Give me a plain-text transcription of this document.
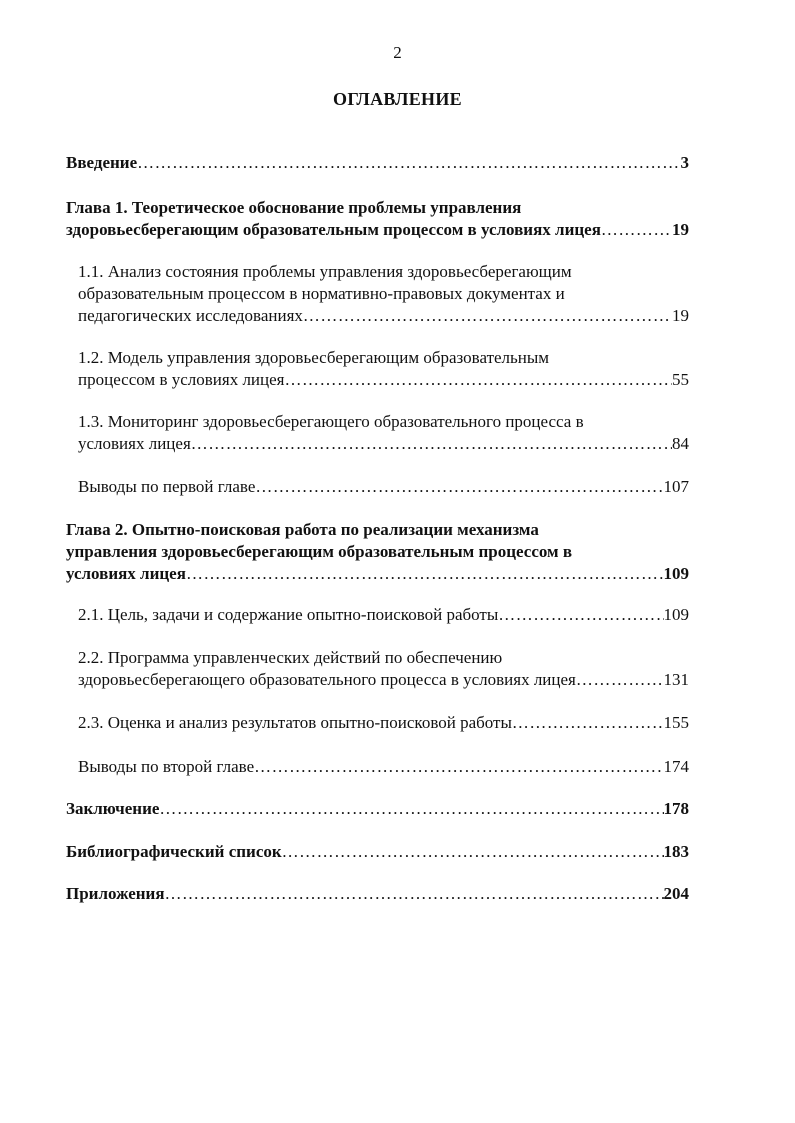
2
ОГЛАВЛЕНИЕ
Введение …………………………………………………………………………………………………………………………………………………………………………	3
Глава 1. Теоретическое обоснование проблемы управления
здоровьесберегающим образовательным процессом в условиях лицея …………………………………………………………………………………………………………………………………………………………………………	19
1.1. Анализ состояния проблемы управления здоровьесберегающим
образовательным процессом в нормативно-правовых документах и
педагогических исследованиях …………………………………………………………………………………………………………………………………………………………………………	19
1.2. Модель управления здоровьесберегающим образовательным
процессом в условиях лицея …………………………………………………………………………………………………………………………………………………………………………	55
1.3. Мониторинг здоровьесберегающего образовательного процесса в
условиях лицея …………………………………………………………………………………………………………………………………………………………………………	84
Выводы по первой главе …………………………………………………………………………………………………………………………………………………………………………	107
Глава 2. Опытно-поисковая работа по реализации механизма
управления здоровьесберегающим образовательным процессом в
условиях лицея …………………………………………………………………………………………………………………………………………………………………………	109
2.1. Цель, задачи и содержание опытно-поисковой работы …………………………………………………………………………………………………………………………………………………………………………	109
2.2. Программа управленческих действий по обеспечению
здоровьесберегающего образовательного процесса в условиях лицея …………………………………………………………………………………………………………………………………………………………………………	131
2.3. Оценка и анализ результатов опытно-поисковой работы …………………………………………………………………………………………………………………………………………………………………………	155
Выводы по второй главе …………………………………………………………………………………………………………………………………………………………………………	174
Заключение …………………………………………………………………………………………………………………………………………………………………………	178
Библиографический список …………………………………………………………………………………………………………………………………………………………………………	183
Приложения …………………………………………………………………………………………………………………………………………………………………………	204
